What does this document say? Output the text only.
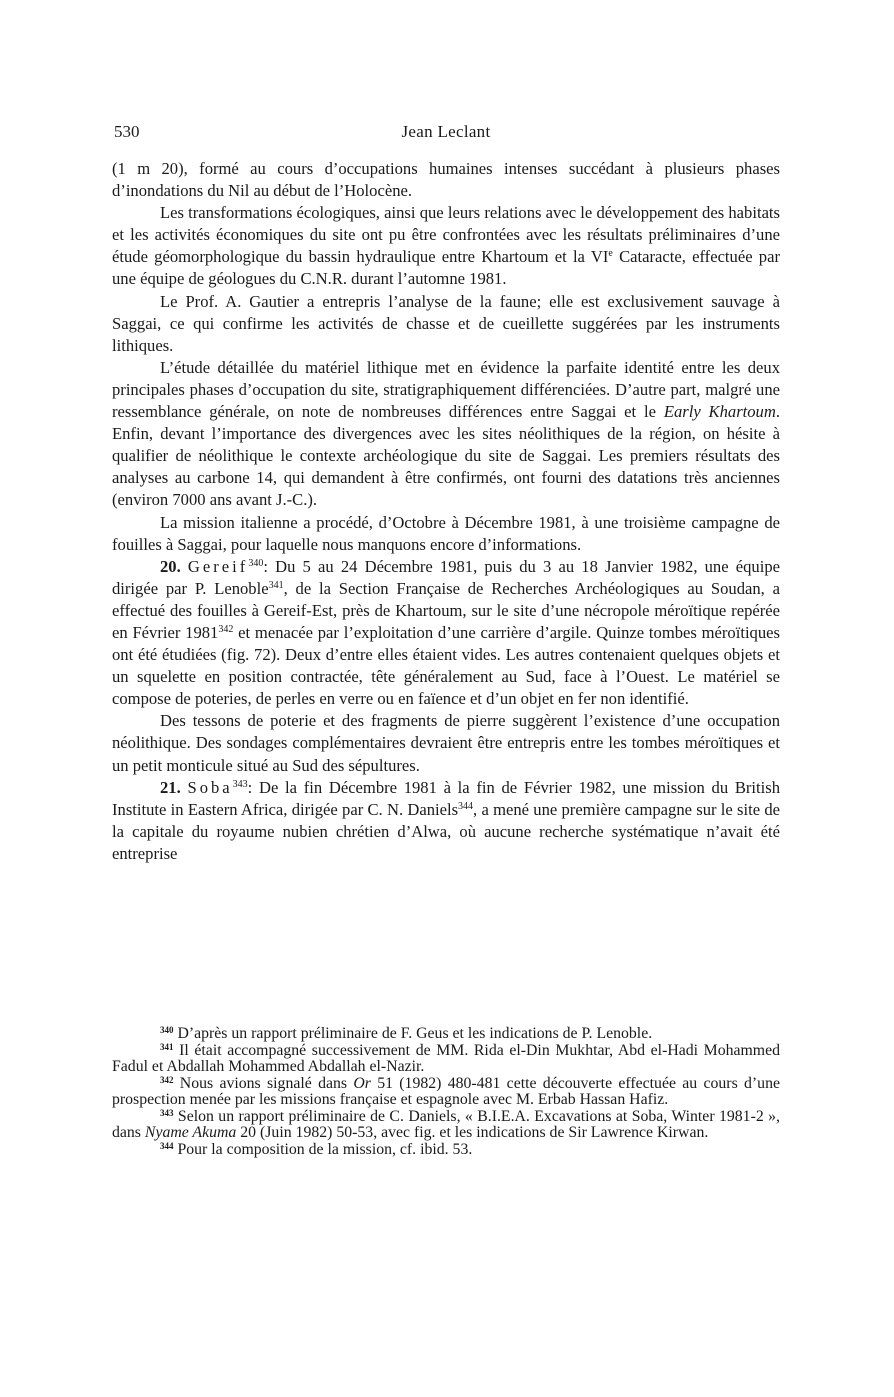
530	Jean Leclant

(1 m 20), formé au cours d’occupations humaines intenses succédant à plusieurs phases d’inondations du Nil au début de l’Holocène.

Les transformations écologiques, ainsi que leurs relations avec le développement des habitats et les activités économiques du site ont pu être confrontées avec les résultats préliminaires d’une étude géomorphologique du bassin hydraulique entre Khartoum et la VIe Cataracte, effectuée par une équipe de géologues du C.N.R. durant l’automne 1981.

Le Prof. A. Gautier a entrepris l’analyse de la faune; elle est exclusivement sauvage à Saggai, ce qui confirme les activités de chasse et de cueillette suggérées par les instruments lithiques.

L’étude détaillée du matériel lithique met en évidence la parfaite identité entre les deux principales phases d’occupation du site, stratigraphiquement différenciées. D’autre part, malgré une ressemblance générale, on note de nombreuses différences entre Saggai et le Early Khartoum. Enfin, devant l’importance des divergences avec les sites néolithiques de la région, on hésite à qualifier de néolithique le contexte archéologique du site de Saggai. Les premiers résultats des analyses au carbone 14, qui demandent à être confirmés, ont fourni des datations très anciennes (environ 7000 ans avant J.-C.).

La mission italienne a procédé, d’Octobre à Décembre 1981, à une troisième campagne de fouilles à Saggai, pour laquelle nous manquons encore d’informations.

20. Gereif$^{340}$: Du 5 au 24 Décembre 1981, puis du 3 au 18 Janvier 1982, une équipe dirigée par P. Lenoble$^{341}$, de la Section Française de Recherches Archéologiques au Soudan, a effectué des fouilles à Gereif-Est, près de Khartoum, sur le site d’une nécropole méroïtique repérée en Février 1981$^{342}$ et menacée par l’exploitation d’une carrière d’argile. Quinze tombes méroïtiques ont été étudiées (fig. 72). Deux d’entre elles étaient vides. Les autres contenaient quelques objets et un squelette en position contractée, tête généralement au Sud, face à l’Ouest. Le matériel se compose de poteries, de perles en verre ou en faïence et d’un objet en fer non identifié.

Des tessons de poterie et des fragments de pierre suggèrent l’existence d’une occupation néolithique. Des sondages complémentaires devraient être entrepris entre les tombes méroïtiques et un petit monticule situé au Sud des sépultures.

21. Soba$^{343}$: De la fin Décembre 1981 à la fin de Février 1982, une mission du British Institute in Eastern Africa, dirigée par C. N. Daniels$^{344}$, a mené une première campagne sur le site de la capitale du royaume nubien chrétien d’Alwa, où aucune recherche systématique n’avait été entreprise

$^{340}$ D’après un rapport préliminaire de F. Geus et les indications de P. Lenoble.

$^{341}$ Il était accompagné successivement de MM. Rida el-Din Mukhtar, Abd el-Hadi Mohammed Fadul et Abdallah Mohammed Abdallah el-Nazir.

$^{342}$ Nous avions signalé dans Or 51 (1982) 480-481 cette découverte effectuée au cours d’une prospection menée par les missions française et espagnole avec M. Erbab Hassan Hafiz.

$^{343}$ Selon un rapport préliminaire de C. Daniels, « B.I.E.A. Excavations at Soba, Winter 1981-2 », dans Nyame Akuma 20 (Juin 1982) 50-53, avec fig. et les indications de Sir Lawrence Kirwan.

$^{344}$ Pour la composition de la mission, cf. ibid. 53.
